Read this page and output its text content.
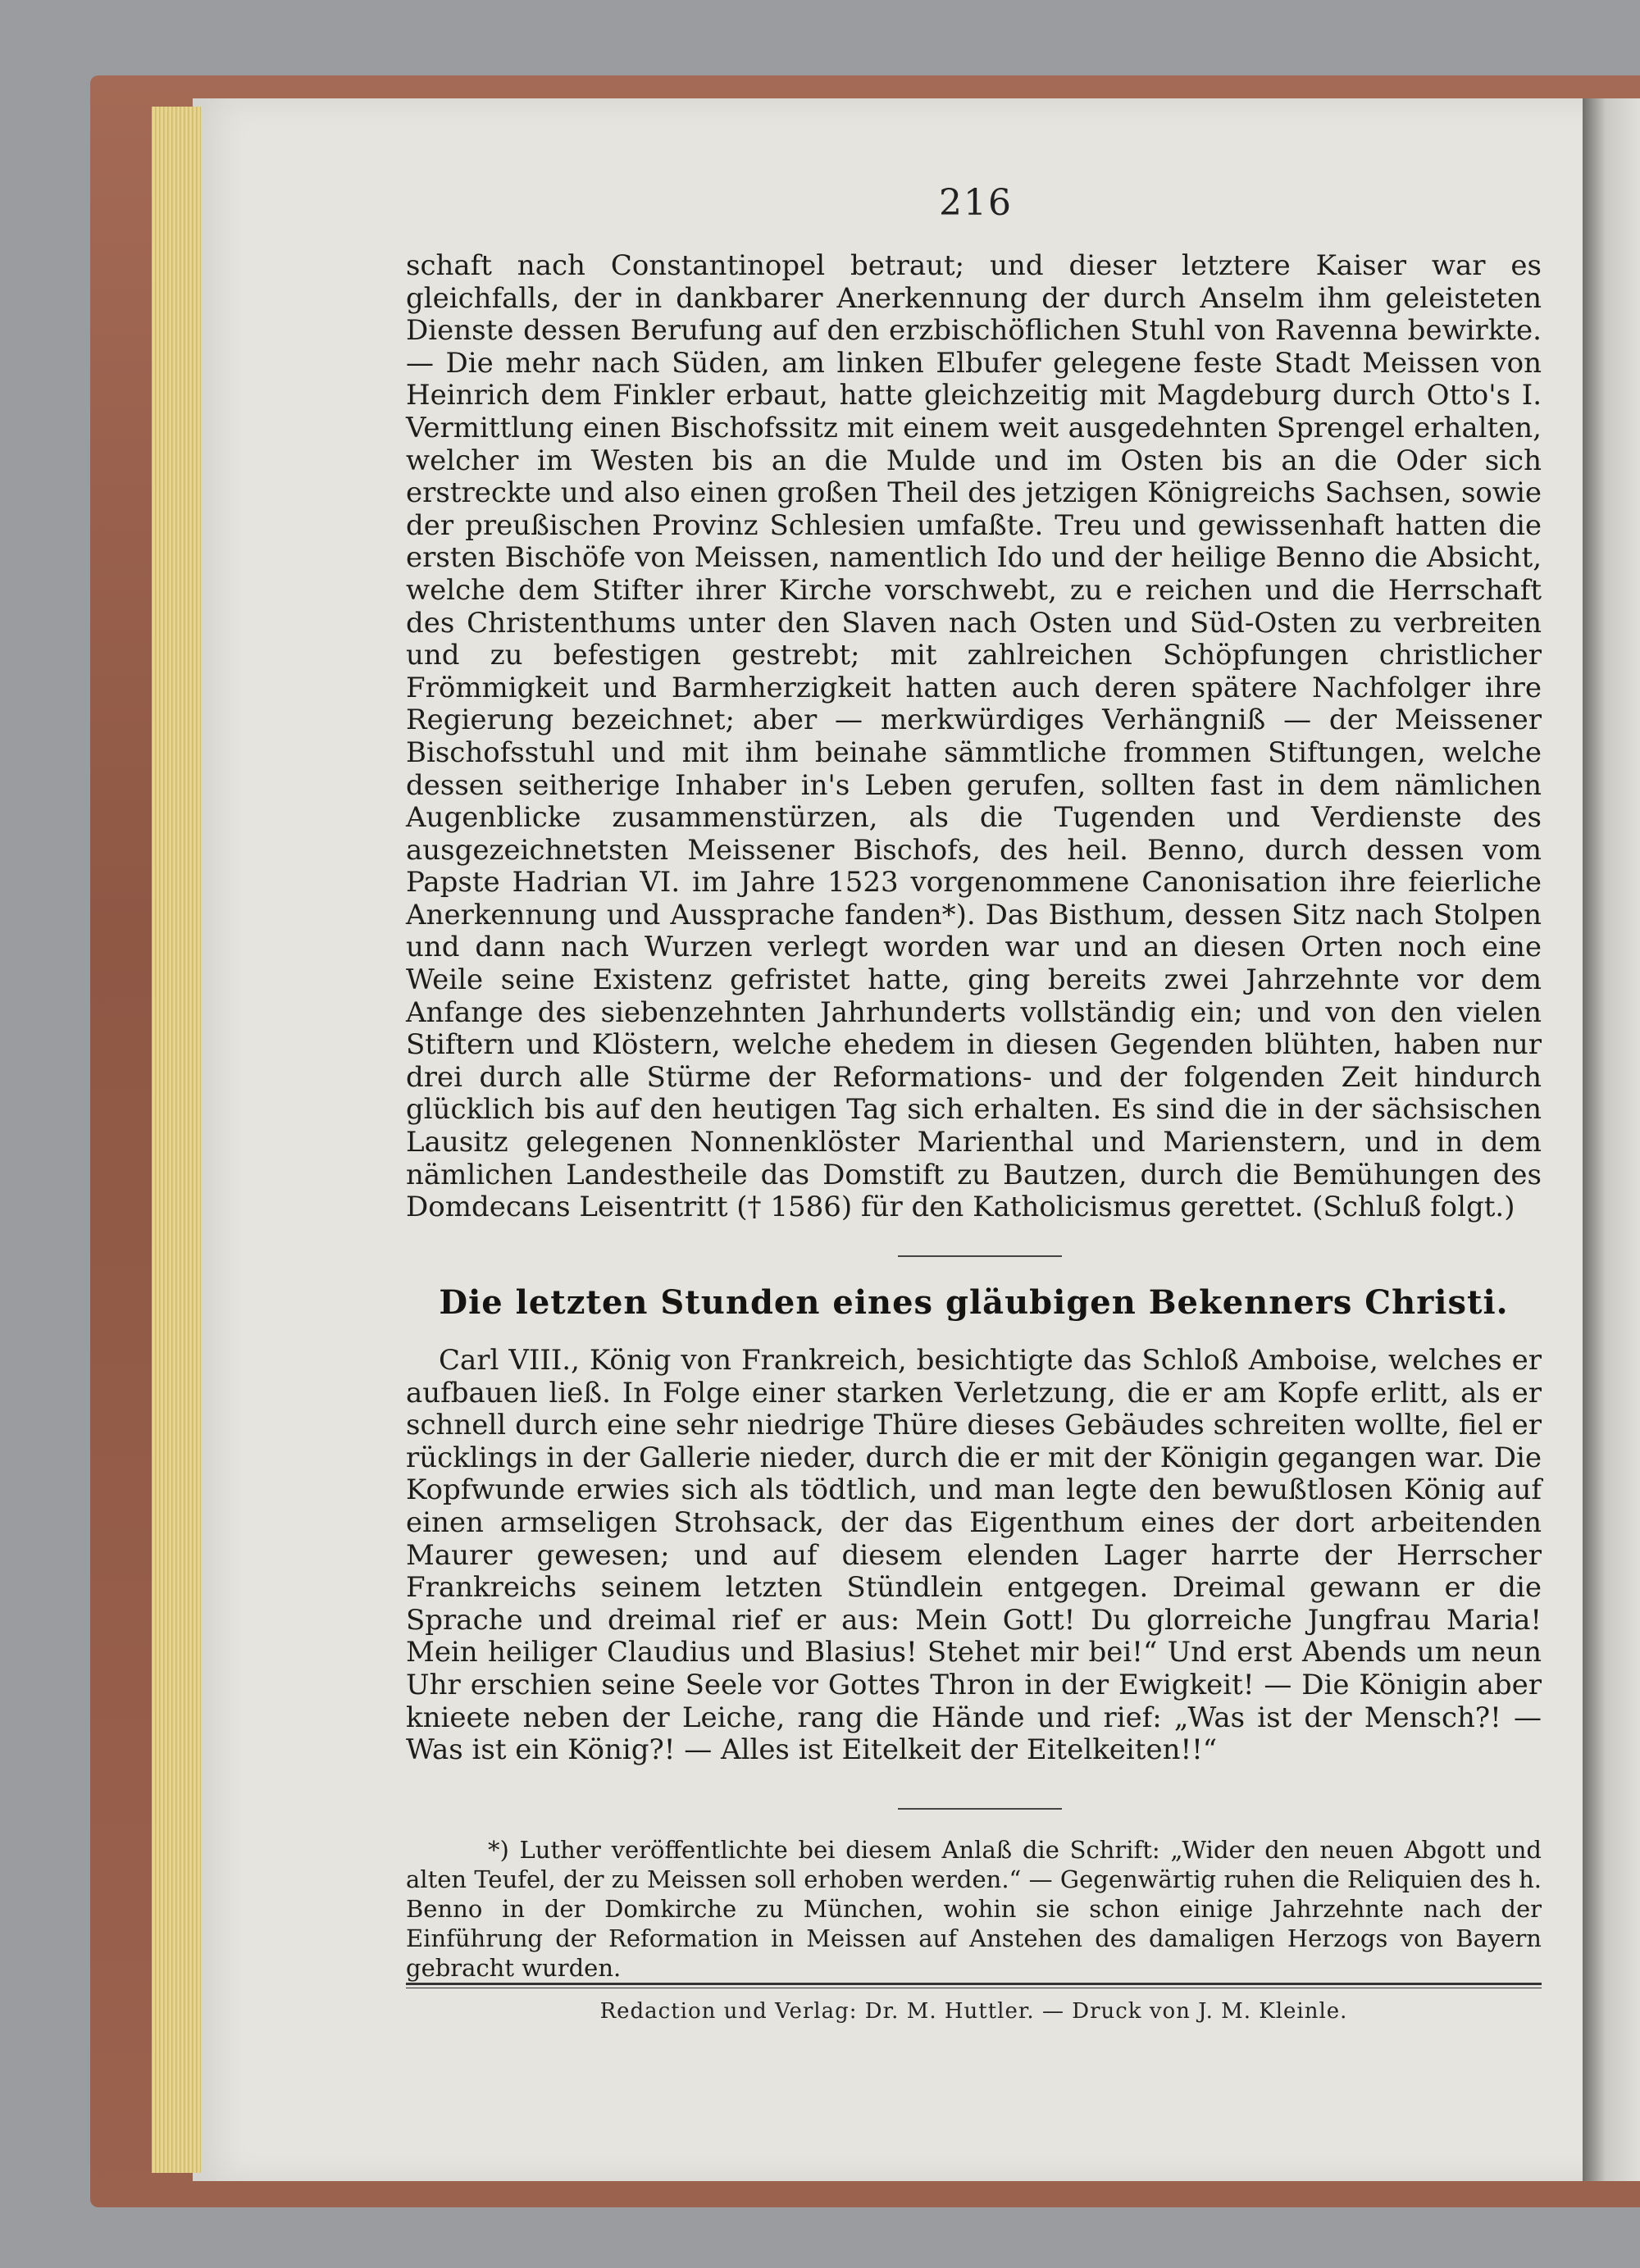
216

schaft nach Constantinopel betraut; und dieser letztere Kaiser war es gleichfalls, der in dankbarer Anerkennung der durch Anselm ihm geleisteten Dienste dessen Berufung auf den erzbischöflichen Stuhl von Ravenna bewirkte. — Die mehr nach Süden, am linken Elbufer gelegene feste Stadt Meissen von Heinrich dem Finkler erbaut, hatte gleichzeitig mit Magdeburg durch Otto's I. Vermittlung einen Bischofssitz mit einem weit ausgedehnten Sprengel erhalten, welcher im Westen bis an die Mulde und im Osten bis an die Oder sich erstreckte und also einen großen Theil des jetzigen Königreichs Sachsen, sowie der preußischen Provinz Schlesien umfaßte. Treu und gewissenhaft hatten die ersten Bischöfe von Meissen, namentlich Ido und der heilige Benno die Absicht, welche dem Stifter ihrer Kirche vorschwebt, zu e reichen und die Herrschaft des Christenthums unter den Slaven nach Osten und Süd-Osten zu verbreiten und zu befestigen gestrebt; mit zahlreichen Schöpfungen christlicher Frömmigkeit und Barmherzigkeit hatten auch deren spätere Nachfolger ihre Regierung bezeichnet; aber — merkwürdiges Verhängniß — der Meissener Bischofsstuhl und mit ihm beinahe sämmtliche frommen Stiftungen, welche dessen seitherige Inhaber in's Leben gerufen, sollten fast in dem nämlichen Augenblicke zusammenstürzen, als die Tugenden und Verdienste des ausgezeichnetsten Meissener Bischofs, des heil. Benno, durch dessen vom Papste Hadrian VI. im Jahre 1523 vorgenommene Canonisation ihre feierliche Anerkennung und Aussprache fanden*). Das Bisthum, dessen Sitz nach Stolpen und dann nach Wurzen verlegt worden war und an diesen Orten noch eine Weile seine Existenz gefristet hatte, ging bereits zwei Jahrzehnte vor dem Anfange des siebenzehnten Jahrhunderts vollständig ein; und von den vielen Stiftern und Klöstern, welche ehedem in diesen Gegenden blühten, haben nur drei durch alle Stürme der Reformations- und der folgenden Zeit hindurch glücklich bis auf den heutigen Tag sich erhalten. Es sind die in der sächsischen Lausitz gelegenen Nonnenklöster Marienthal und Marienstern, und in dem nämlichen Landestheile das Domstift zu Bautzen, durch die Bemühungen des Domdecans Leisentritt († 1586) für den Katholicismus gerettet. (Schluß folgt.)

Die letzten Stunden eines gläubigen Bekenners Christi.

Carl VIII., König von Frankreich, besichtigte das Schloß Amboise, welches er aufbauen ließ. In Folge einer starken Verletzung, die er am Kopfe erlitt, als er schnell durch eine sehr niedrige Thüre dieses Gebäudes schreiten wollte, fiel er rücklings in der Gallerie nieder, durch die er mit der Königin gegangen war. Die Kopfwunde erwies sich als tödtlich, und man legte den bewußtlosen König auf einen armseligen Strohsack, der das Eigenthum eines der dort arbeitenden Maurer gewesen; und auf diesem elenden Lager harrte der Herrscher Frankreichs seinem letzten Stündlein entgegen. Dreimal gewann er die Sprache und dreimal rief er aus: Mein Gott! Du glorreiche Jungfrau Maria! Mein heiliger Claudius und Blasius! Stehet mir bei!“ Und erst Abends um neun Uhr erschien seine Seele vor Gottes Thron in der Ewigkeit! — Die Königin aber knieete neben der Leiche, rang die Hände und rief: „Was ist der Mensch?! — Was ist ein König?! — Alles ist Eitelkeit der Eitelkeiten!!“

*) Luther veröffentlichte bei diesem Anlaß die Schrift: „Wider den neuen Abgott und alten Teufel, der zu Meissen soll erhoben werden.“ — Gegenwärtig ruhen die Reliquien des h. Benno in der Domkirche zu München, wohin sie schon einige Jahrzehnte nach der Einführung der Reformation in Meissen auf Anstehen des damaligen Herzogs von Bayern gebracht wurden.

Redaction und Verlag: Dr. M. Huttler. — Druck von J. M. Kleinle.
